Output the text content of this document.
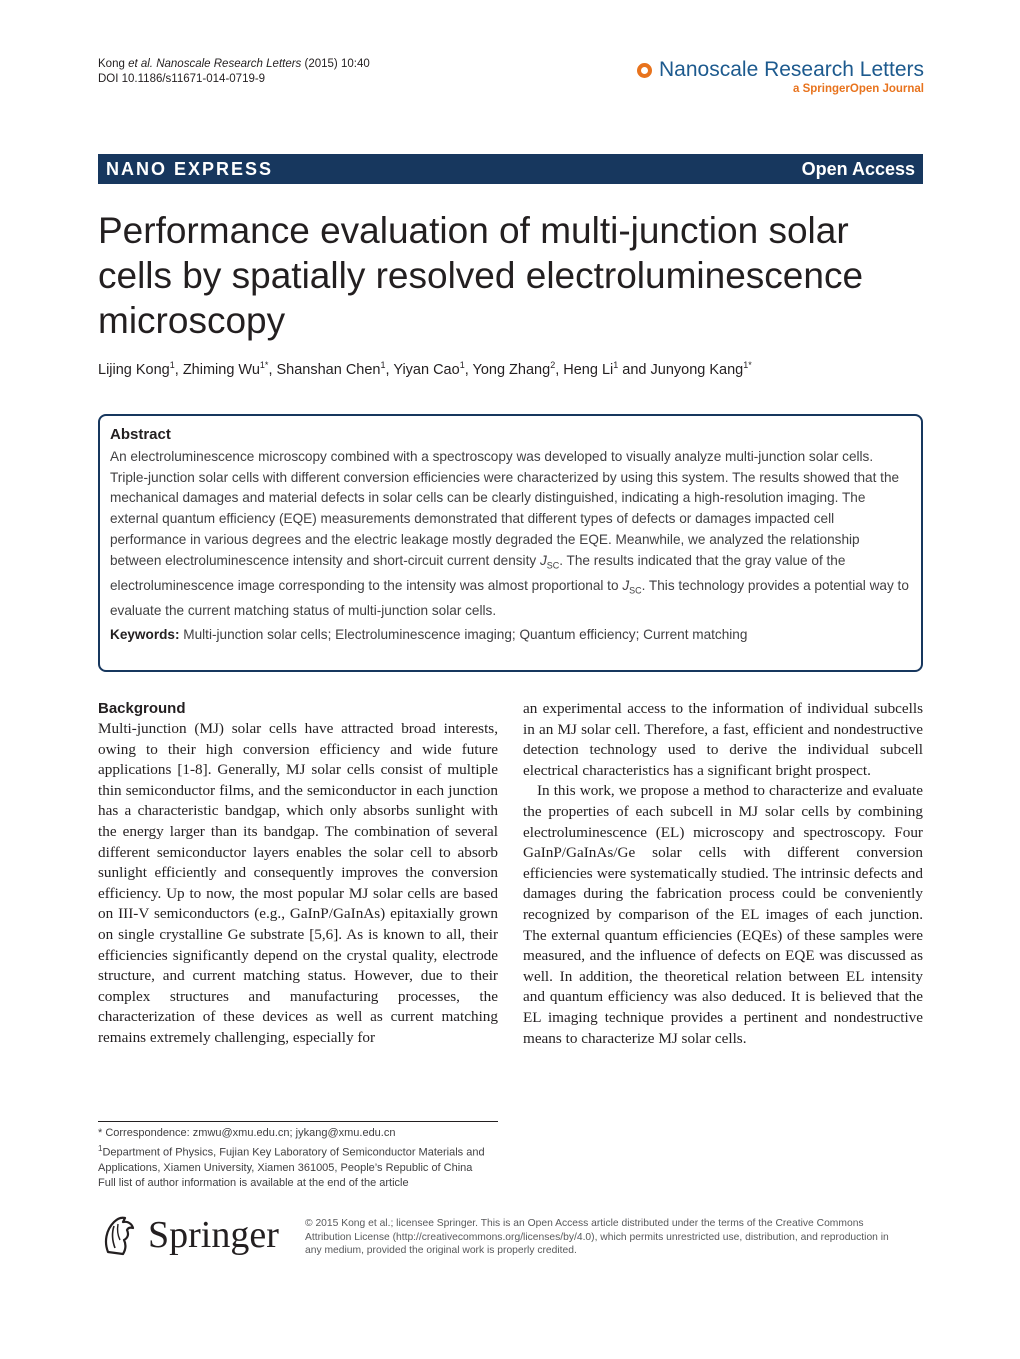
Kong et al. Nanoscale Research Letters (2015) 10:40
DOI 10.1186/s11671-014-0719-9	Nanoscale Research Letters
a SpringerOpen Journal
NANO EXPRESS	Open Access
Performance evaluation of multi-junction solar cells by spatially resolved electroluminescence microscopy
Lijing Kong$^1$, Zhiming $Wu^{1*}$, Shanshan Chen$^1$, Yiyan Cao$^1$, Yong Zhang$^2$, Heng Li$^1$ and Junyong Kang$^{1*}$
Abstract

An electroluminescence microscopy combined with a spectroscopy was developed to visually analyze multi-junction solar cells. Triple-junction solar cells with different conversion efficiencies were characterized by using this system. The results showed that the mechanical damages and material defects in solar cells can be clearly distinguished, indicating a high-resolution imaging. The external quantum efficiency (EQE) measurements demonstrated that different types of defects or damages impacted cell performance in various degrees and the electric leakage mostly degraded the EQE. Meanwhile, we analyzed the relationship between electroluminescence intensity and short-circuit current density $J_{SC}$. The results indicated that the gray value of the electroluminescence image corresponding to the intensity was almost proportional to $J_{SC}$. This technology provides a potential way to evaluate the current matching status of multi-junction solar cells.

Keywords: Multi-junction solar cells; Electroluminescence imaging; Quantum efficiency; Current matching
Background

Multi-junction (MJ) solar cells have attracted broad interests, owing to their high conversion efficiency and wide future applications [1-8]. Generally, MJ solar cells consist of multiple thin semiconductor films, and the semiconductor in each junction has a characteristic bandgap, which only absorbs sunlight with the energy larger than its bandgap. The combination of several different semiconductor layers enables the solar cell to absorb sunlight efficiently and consequently improves the conversion efficiency. Up to now, the most popular MJ solar cells are based on III-V semiconductors (e.g., GaInP/GaInAs) epitaxially grown on single crystalline Ge substrate [5,6]. As is known to all, their efficiencies significantly depend on the crystal quality, electrode structure, and current matching status. However, due to their complex structures and manufacturing processes, the characterization of these devices as well as current matching remains extremely challenging, especially for

an experimental access to the information of individual subcells in an MJ solar cell. Therefore, a fast, efficient and nondestructive detection technology used to derive the individual subcell electrical characteristics has a significant bright prospect.

In this work, we propose a method to characterize and evaluate the properties of each subcell in MJ solar cells by combining electroluminescence (EL) microscopy and spectroscopy. Four GaInP/GaInAs/Ge solar cells with different conversion efficiencies were systematically studied. The intrinsic defects and damages during the fabrication process could be conveniently recognized by comparison of the EL images of each junction. The external quantum efficiencies (EQEs) of these samples were measured, and the influence of defects on EQE was discussed as well. In addition, the theoretical relation between EL intensity and quantum efficiency was also deduced. It is believed that the EL imaging technique provides a pertinent and nondestructive means to characterize MJ solar cells.

* Correspondence: zmwu@xmu.edu.cn; jykang@xmu.edu.cn

$^1$Department of Physics, Fujian Key Laboratory of Semiconductor Materials and Applications, Xiamen University, Xiamen 361005, People’s Republic of China

Full list of author information is available at the end of the article

Springer	© 2015 Kong et al.; licensee Springer. This is an Open Access article distributed under the terms of the Creative Commons Attribution License (http://creativecommons.org/licenses/by/4.0), which permits unrestricted use, distribution, and reproduction in any medium, provided the original work is properly credited.
